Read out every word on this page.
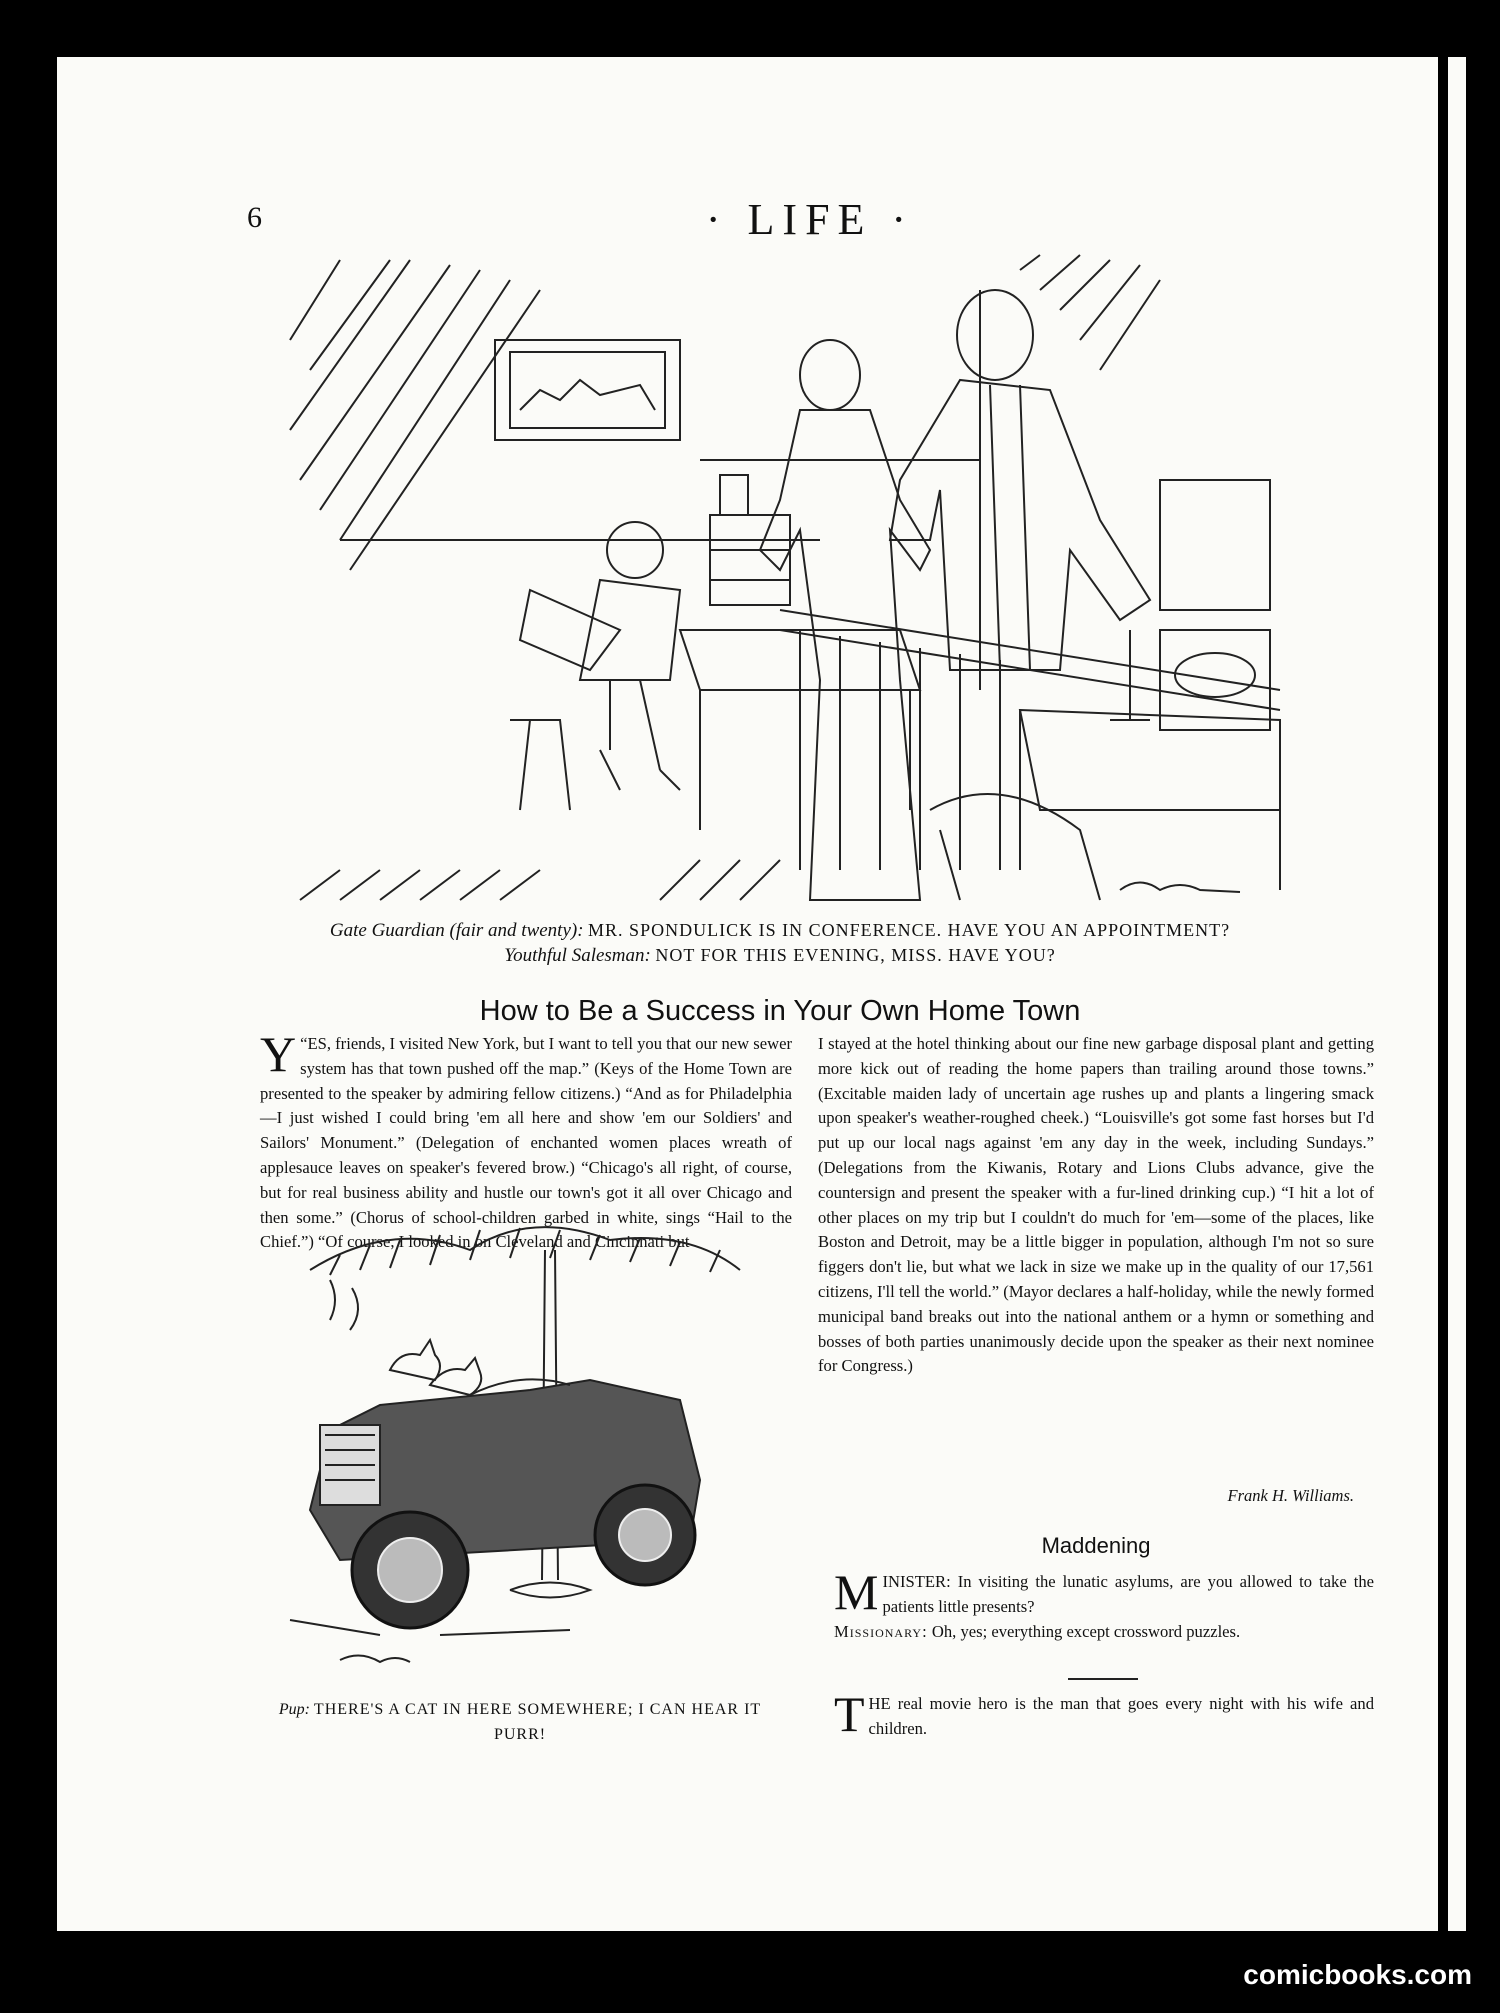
6	· LIFE ·
Gate Guardian (fair and twenty): MR. SPONDULICK IS IN CONFERENCE. HAVE YOU AN APPOINTMENT?
Youthful Salesman: NOT FOR THIS EVENING, MISS. HAVE YOU?
How to Be a Success in Your Own Home Town
“
Y ES, friends, I visited New York, but I want to tell you that our new sewer system has that town pushed off the map.” (Keys of the Home Town are presented to the speaker by admiring fellow citizens.) “And as for Philadelphia—I just wished I could bring 'em all here and show 'em our Soldiers' and Sailors' Monument.” (Delegation of enchanted women places wreath of applesauce leaves on speaker's fevered brow.) “Chicago's all right, of course, but for real business ability and hustle our town's got it all over Chicago and then some.” (Chorus of school-children garbed in white, sings “Hail to the Chief.”) “Of course, I looked in on Cleveland and Cincinnati but
I stayed at the hotel thinking about our fine new garbage disposal plant and getting more kick out of reading the home papers than trailing around those towns.” (Excitable maiden lady of uncertain age rushes up and plants a lingering smack upon speaker's weather-roughed cheek.) “Louisville's got some fast horses but I'd put up our local nags against 'em any day in the week, including Sundays.” (Delegations from the Kiwanis, Rotary and Lions Clubs advance, give the countersign and present the speaker with a fur-lined drinking cup.) “I hit a lot of other places on my trip but I couldn't do much for 'em—some of the places, like Boston and Detroit, may be a little bigger in population, although I'm not so sure figgers don't lie, but what we lack in size we make up in the quality of our 17,561 citizens, I'll tell the world.” (Mayor declares a half-holiday, while the newly formed municipal band breaks out into the national anthem or a hymn or something and bosses of both parties unanimously decide upon the speaker as their next nominee for Congress.)
Frank H. Williams.
Pup: THERE'S A CAT IN HERE SOMEWHERE; I CAN HEAR IT PURR!
Maddening
MINISTER: In visiting the lunatic asylums, are you allowed to take the patients little presents?
Missionary: Oh, yes; everything except crossword puzzles.
THE real movie hero is the man that goes every night with his wife and children.
comicbooks.com
